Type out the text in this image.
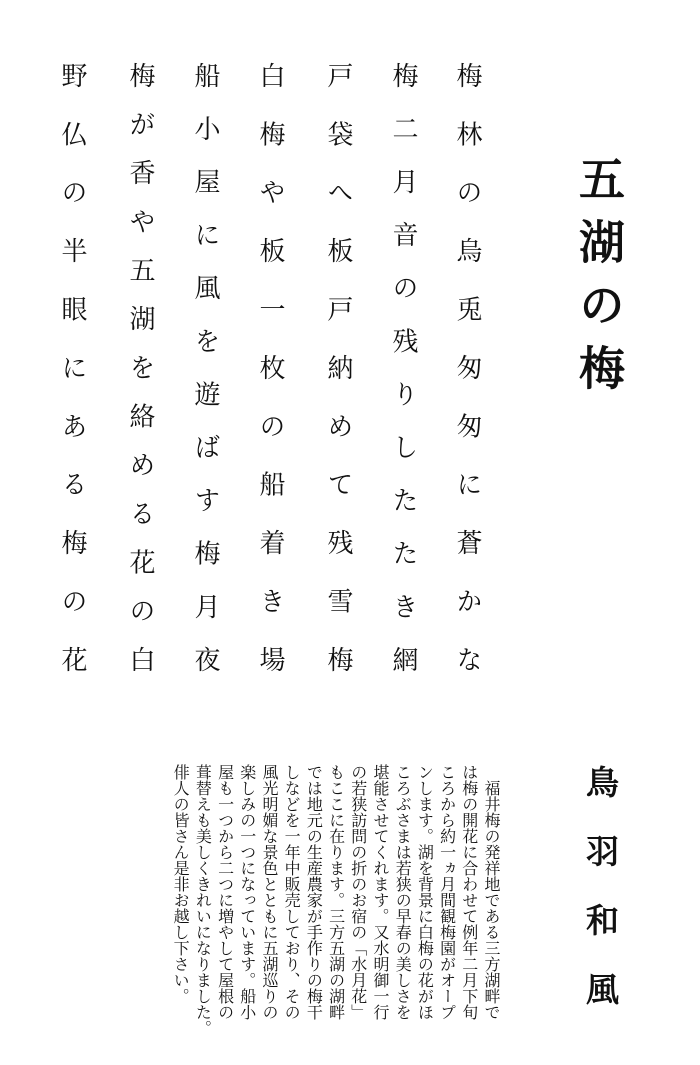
五湖の梅
梅林の烏兎匆匆に蒼かな
梅二月音の残りしたたき網
戸袋へ板戸納めて残雪梅
白梅や板一枚の船着き場
船小屋に風を遊ばす梅月夜
梅が香や五湖を絡める花の白
野仏の半眼にある梅の花
福井梅の発祥地である三方湖畔で
は梅の開花に合わせて例年二月下旬
ころから約一ヵ月間観梅園がオープ
ンします。湖を背景に白梅の花がほ
ころぶさまは若狭の早春の美しさを
堪能させてくれます。又水明御一行
の若狭訪問の折のお宿の「水月花」
もここに在ります。三方五湖の湖畔
では地元の生産農家が手作りの梅干
しなどを一年中販売しており、その
風光明媚な景色とともに五湖巡りの
楽しみの一つになっています。船小
屋も一つから二つに増やして屋根の
葺替えも美しくきれいになりました。
俳人の皆さん是非お越し下さい。	鳥羽和風
